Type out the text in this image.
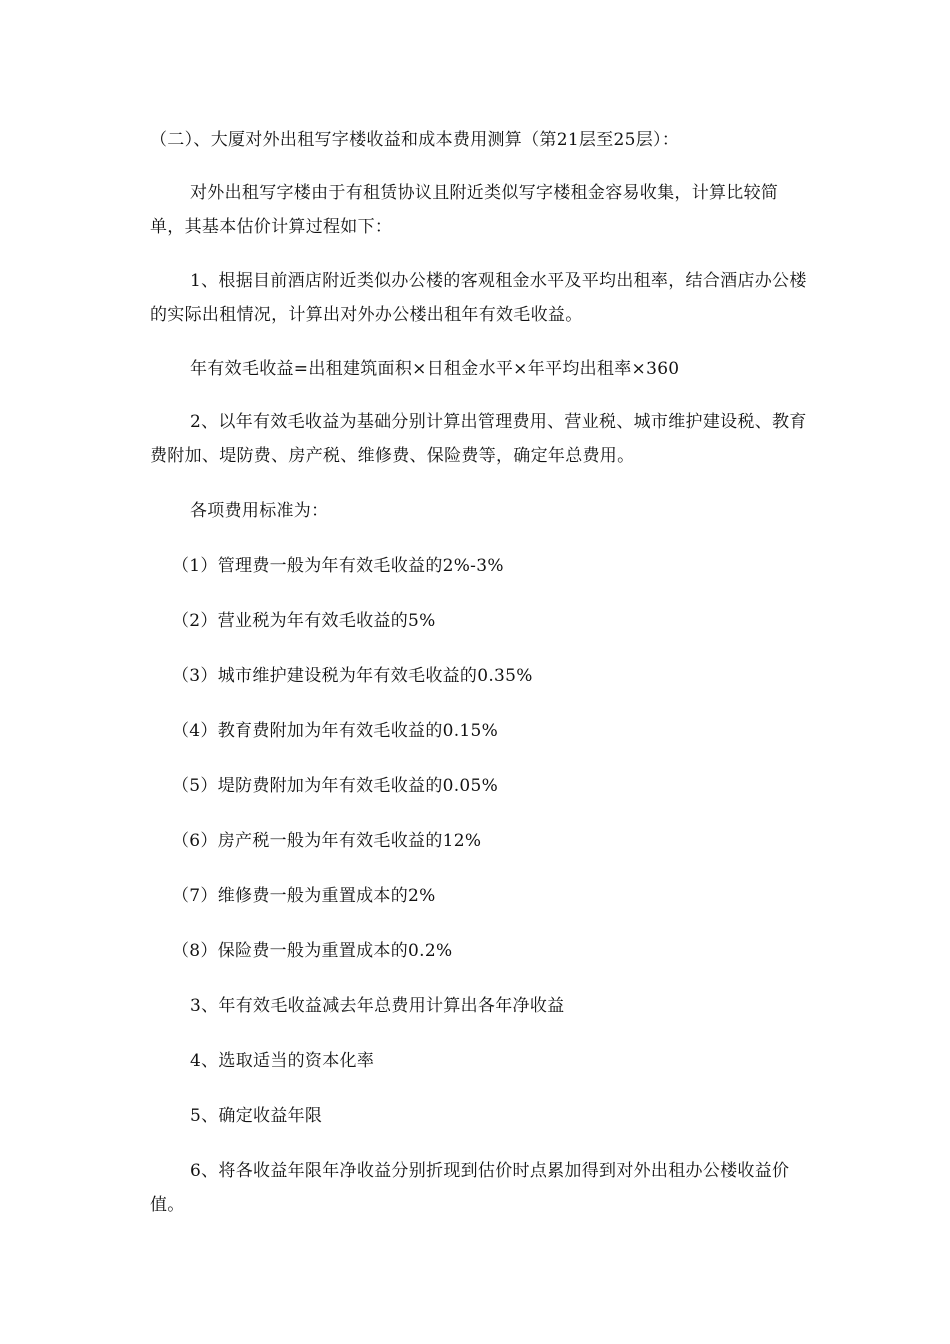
（二）、大厦对外出租写字楼收益和成本费用测算（第21层至25层）：
对外出租写字楼由于有租赁协议且附近类似写字楼租金容易收集，计算比较简单，其基本估价计算过程如下：
1、根据目前酒店附近类似办公楼的客观租金水平及平均出租率，结合酒店办公楼的实际出租情况，计算出对外办公楼出租年有效毛收益。
年有效毛收益=出租建筑面积×日租金水平×年平均出租率×360
2、以年有效毛收益为基础分别计算出管理费用、营业税、城市维护建设税、教育费附加、堤防费、房产税、维修费、保险费等，确定年总费用。
各项费用标准为：
（1）管理费一般为年有效毛收益的2%-3%
（2）营业税为年有效毛收益的5%
（3）城市维护建设税为年有效毛收益的0.35%
（4）教育费附加为年有效毛收益的0.15%
（5）堤防费附加为年有效毛收益的0.05%
（6）房产税一般为年有效毛收益的12%
（7）维修费一般为重置成本的2%
（8）保险费一般为重置成本的0.2%
3、年有效毛收益减去年总费用计算出各年净收益
4、选取适当的资本化率
5、确定收益年限
6、将各收益年限年净收益分别折现到估价时点累加得到对外出租办公楼收益价值。
